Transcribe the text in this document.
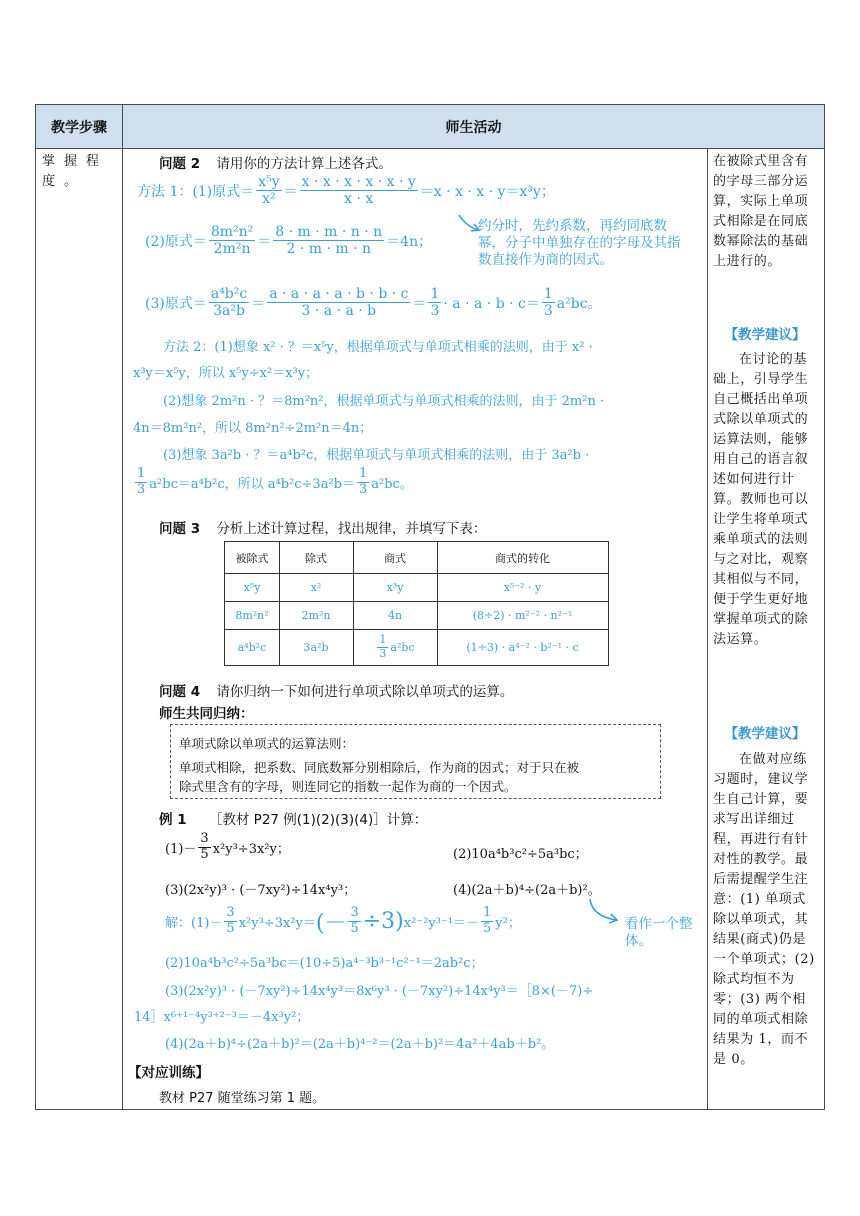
教学步骤	师生活动
掌握程度。
问题 2 请用你的方法计算上述各式。
方法 1：(1)原式＝ $\frac{\text{x⁵y}}{\text{x²}} = \frac{x \cdot x \cdot x \cdot x \cdot x \cdot y}{x \cdot x} =x \cdot x \cdot x \cdot y=x^3y$；
(2)原式＝ $\frac{\text{8m²n²}}{\text{2m²n}} = \frac{8 \cdot m \cdot m \cdot n \cdot n}{2 \cdot m \cdot m \cdot n} =4n$；
约分时，先约系数，再约同底数幂，分子中单独存在的字母及其指数直接作为商的因式。
(3)原式＝ $\frac{\text{a⁴b²c}}{\text{3a²b}} = \frac{a \cdot a \cdot a \cdot a \cdot b \cdot b \cdot c}{3 \cdot a \cdot a \cdot b} = \frac{1}{3} \cdot a \cdot a \cdot b \cdot c= \frac{1}{3} a^2bc$。
方法 2：(1)想象 x² · ？＝x⁵y，根据单项式与单项式相乘的法则，由于 x² ·
x³y＝x⁵y，所以 x⁵y÷x²＝x³y；
(2)想象 2m²n · ？＝8m²n²，根据单项式与单项式相乘的法则，由于 2m²n ·
4n＝8m²n²，所以 8m²n²÷2m²n＝4n；
(3)想象 3a²b · ？＝a⁴b²c，根据单项式与单项式相乘的法则，由于 3a²b ·
$\frac{1}{3} a^2bc=a^4b^2c$，所以 $a^4b^2c\div 3a^2b= \frac{1}{3} a^2bc$。
问题 3 分析上述计算过程，找出规律，并填写下表：
被除式	除式	商式	商式的转化
x⁵y	x²	x³y	x⁵⁻² · y
8m²n²	2m²n	4n	(8÷2) · m²⁻² · n²⁻¹
a⁴b²c	3a²b	$\frac{1}{3} a^2bc$	(1÷3) · a⁴⁻² · b²⁻¹ · c
问题 4 请你归纳一下如何进行单项式除以单项式的运算。
师生共同归纳：
单项式除以单项式的运算法则：
单项式相除，把系数、同底数幂分别相除后，作为商的因式；对于只在被
除式里含有的字母，则连同它的指数一起作为商的一个因式。
例 1 ［教材 P27 例(1)(2)(3)(4)］计算：
$(1)- \frac{3}{5} x^2y^3\div 3x^2y$；	(2)10a⁴b³c²÷5a³bc；
(3)(2x²y)³ · (－7xy²)÷14x⁴y³；	(4)(2a＋b)⁴÷(2a＋b)²。
解：$(1)- \frac{3}{5} x^2y^3\div 3x^2y=$ (－ $\frac{3}{5} \div 3$) $x^{2-2}y^{3-1}=- \frac{1}{5} y^2$；	看作一个整体。
(2)10a⁴b³c²÷5a³bc＝(10÷5)a⁴⁻³b³⁻¹c²⁻¹＝2ab²c；
(3)(2x²y)³ · (－7xy²)÷14x⁴y³＝8x⁶y³ · (－7xy²)÷14x⁴y³＝［8×(－7)÷
14］x⁶⁺¹⁻⁴y³⁺²⁻³＝－4x³y²；
(4)(2a＋b)⁴÷(2a＋b)²＝(2a＋b)⁴⁻²＝(2a＋b)²＝4a²＋4ab＋b²。
【对应训练】
教材 P27 随堂练习第 1 题。
在被除式里含有的字母三部分运算，实际上单项式相除是在同底数幂除法的基础上进行的。
【教学建议】
在讨论的基础上，引导学生自己概括出单项式除以单项式的运算法则，能够用自己的语言叙述如何进行计算。教师也可以让学生将单项式乘单项式的法则与之对比，观察其相似与不同，便于学生更好地掌握单项式的除法运算。
【教学建议】
在做对应练习题时，建议学生自己计算，要求写出详细过程，再进行有针对性的教学。最后需提醒学生注意：(1) 单项式除以单项式，其结果(商式)仍是一个单项式；(2) 除式均恒不为零；(3) 两个相同的单项式相除结果为 1，而不是 0。
